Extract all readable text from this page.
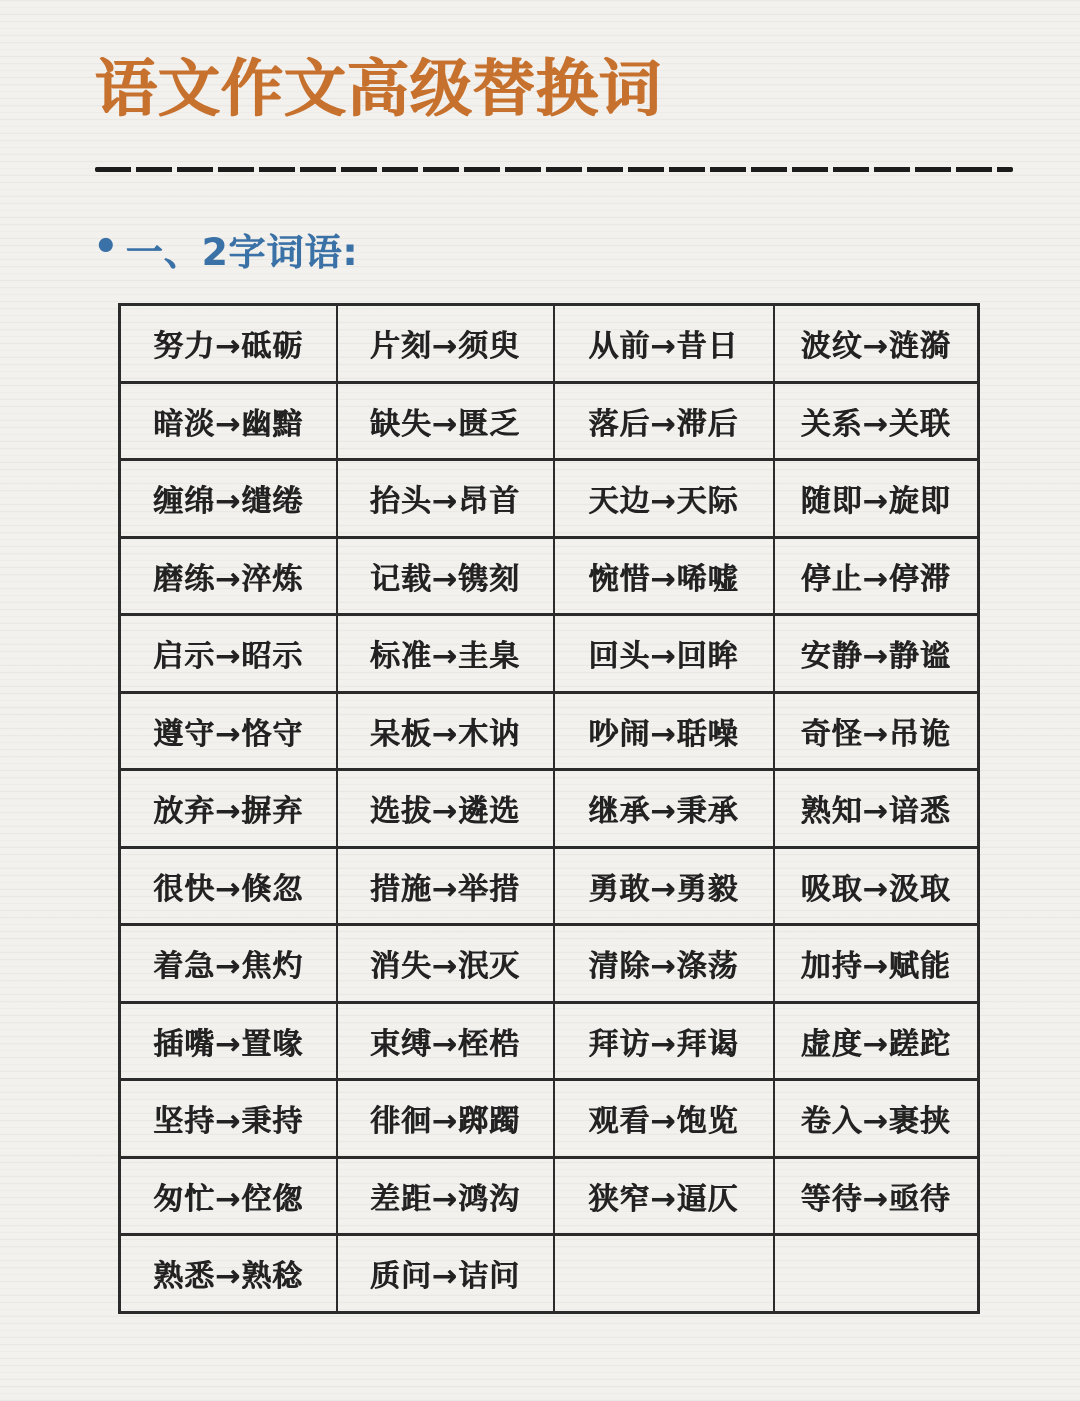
语文作文高级替换词
• 一、2字词语:
努力→砥砺	片刻→须臾	从前→昔日	波纹→涟漪
暗淡→幽黯	缺失→匮乏	落后→滞后	关系→关联
缠绵→缱绻	抬头→昂首	天边→天际	随即→旋即
磨练→淬炼	记载→镌刻	惋惜→唏嘘	停止→停滞
启示→昭示	标准→圭臬	回头→回眸	安静→静谧
遵守→恪守	呆板→木讷	吵闹→聒噪	奇怪→吊诡
放弃→摒弃	选拔→遴选	继承→秉承	熟知→谙悉
很快→倏忽	措施→举措	勇敢→勇毅	吸取→汲取
着急→焦灼	消失→泯灭	清除→涤荡	加持→赋能
插嘴→置喙	束缚→桎梏	拜访→拜谒	虚度→蹉跎
坚持→秉持	徘徊→踯躅	观看→饱览	卷入→裹挟
匆忙→倥偬	差距→鸿沟	狭窄→逼仄	等待→亟待
熟悉→熟稔	质问→诘问		
